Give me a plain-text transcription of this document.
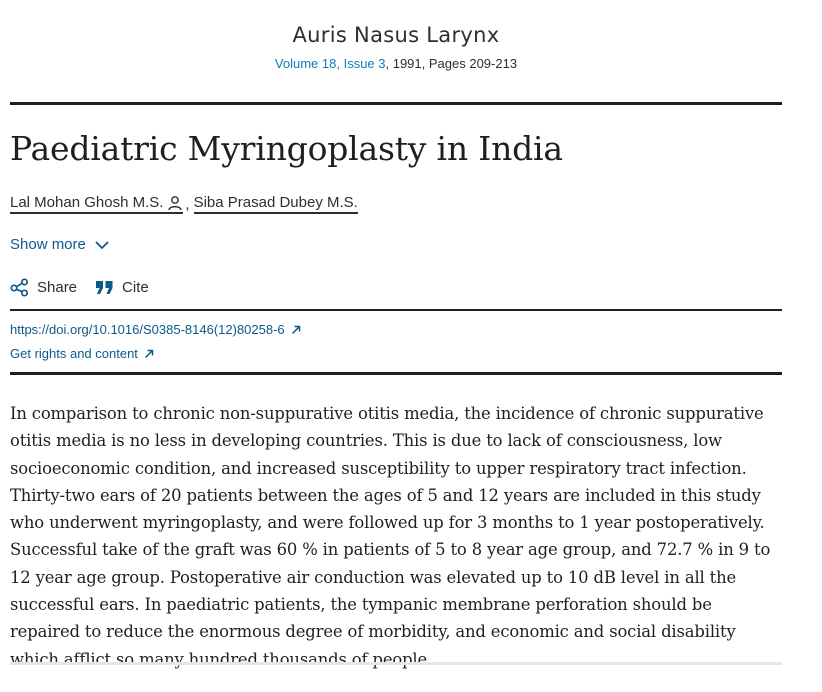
Auris Nasus Larynx
Volume 18, Issue 3, 1991, Pages 209-213
Paediatric Myringoplasty in India
Lal Mohan Ghosh M.S. , Siba Prasad Dubey M.S.
Show more
Share	Cite
https://doi.org/10.1016/S0385-8146(12)80258-6
Get rights and content

In comparison to chronic non-suppurative otitis media, the incidence of chronic suppurative otitis media is no less in developing countries. This is due to lack of consciousness, low socioeconomic condition, and increased susceptibility to upper respiratory tract infection. Thirty-two ears of 20 patients between the ages of 5 and 12 years are included in this study who underwent myringoplasty, and were followed up for 3 months to 1 year postoperatively. Successful take of the graft was 60 % in patients of 5 to 8 year age group, and 72.7 % in 9 to 12 year age group. Postoperative air conduction was elevated up to 10 dB level in all the successful ears. In paediatric patients, the tympanic membrane perforation should be repaired to reduce the enormous degree of morbidity, and economic and social disability which afflict so many hundred thousands of people.
